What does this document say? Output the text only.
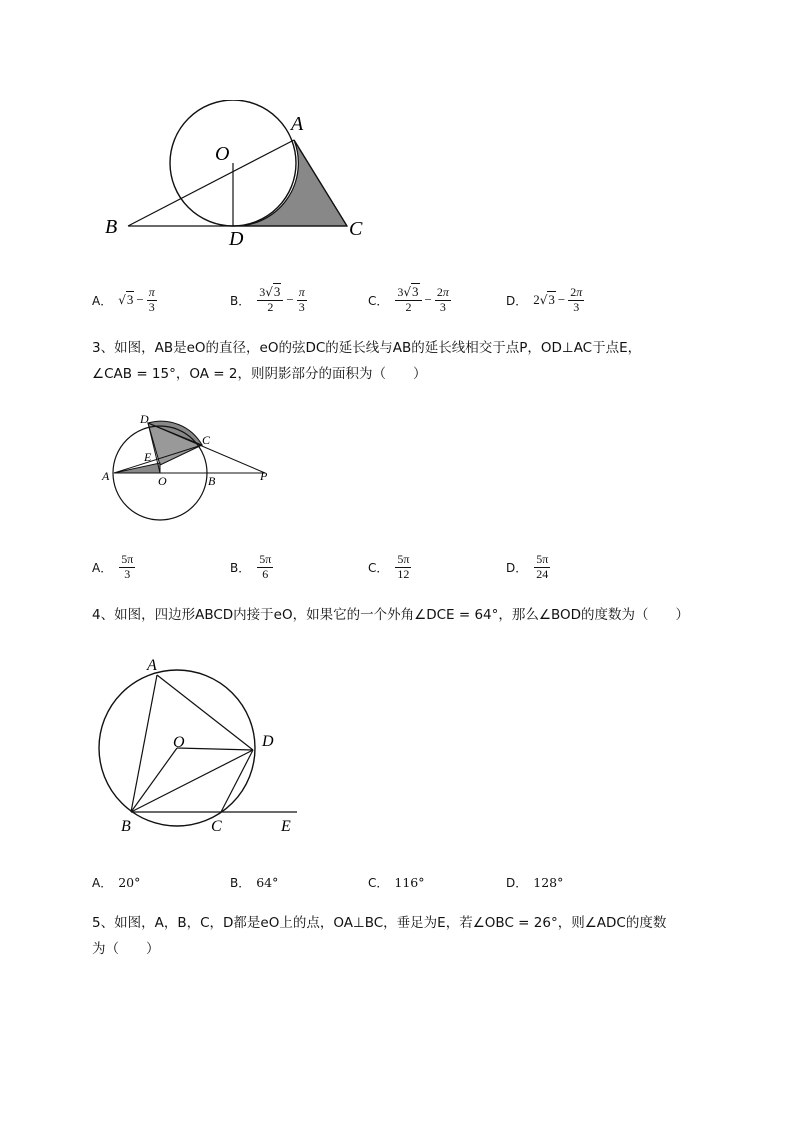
O
A
B
D	C
A． $√3 - \frac{\pi}{3}$	B． $\frac{3√3}{2} - \frac{\pi}{3}$	C． $\frac{3√3}{2} - \frac{2\pi}{3}$	D． $2√3 - \frac{2\pi}{3}$
3、如图，AB是eO的直径，eO的弦DC的延长线与AB的延长线相交于点P，OD⊥AC于点E，
∠CAB = 15°，OA = 2，则阴影部分的面积为（　　）
D
C
E
A	O	B	P
A． $\frac{5\pi}{3}$	B． $\frac{5\pi}{6}$	C． $\frac{5\pi}{12}$	D． $\frac{5\pi}{24}$
4、如图，四边形ABCD内接于eO，如果它的一个外角∠DCE = 64°，那么∠BOD的度数为（　　）
A
O	D
B	C	E
A． 20°	B． 64°	C． 116°	D． 128°
5、如图，A，B，C，D都是eO上的点，OA⊥BC，垂足为E，若∠OBC = 26°，则∠ADC的度数
为（　　）
